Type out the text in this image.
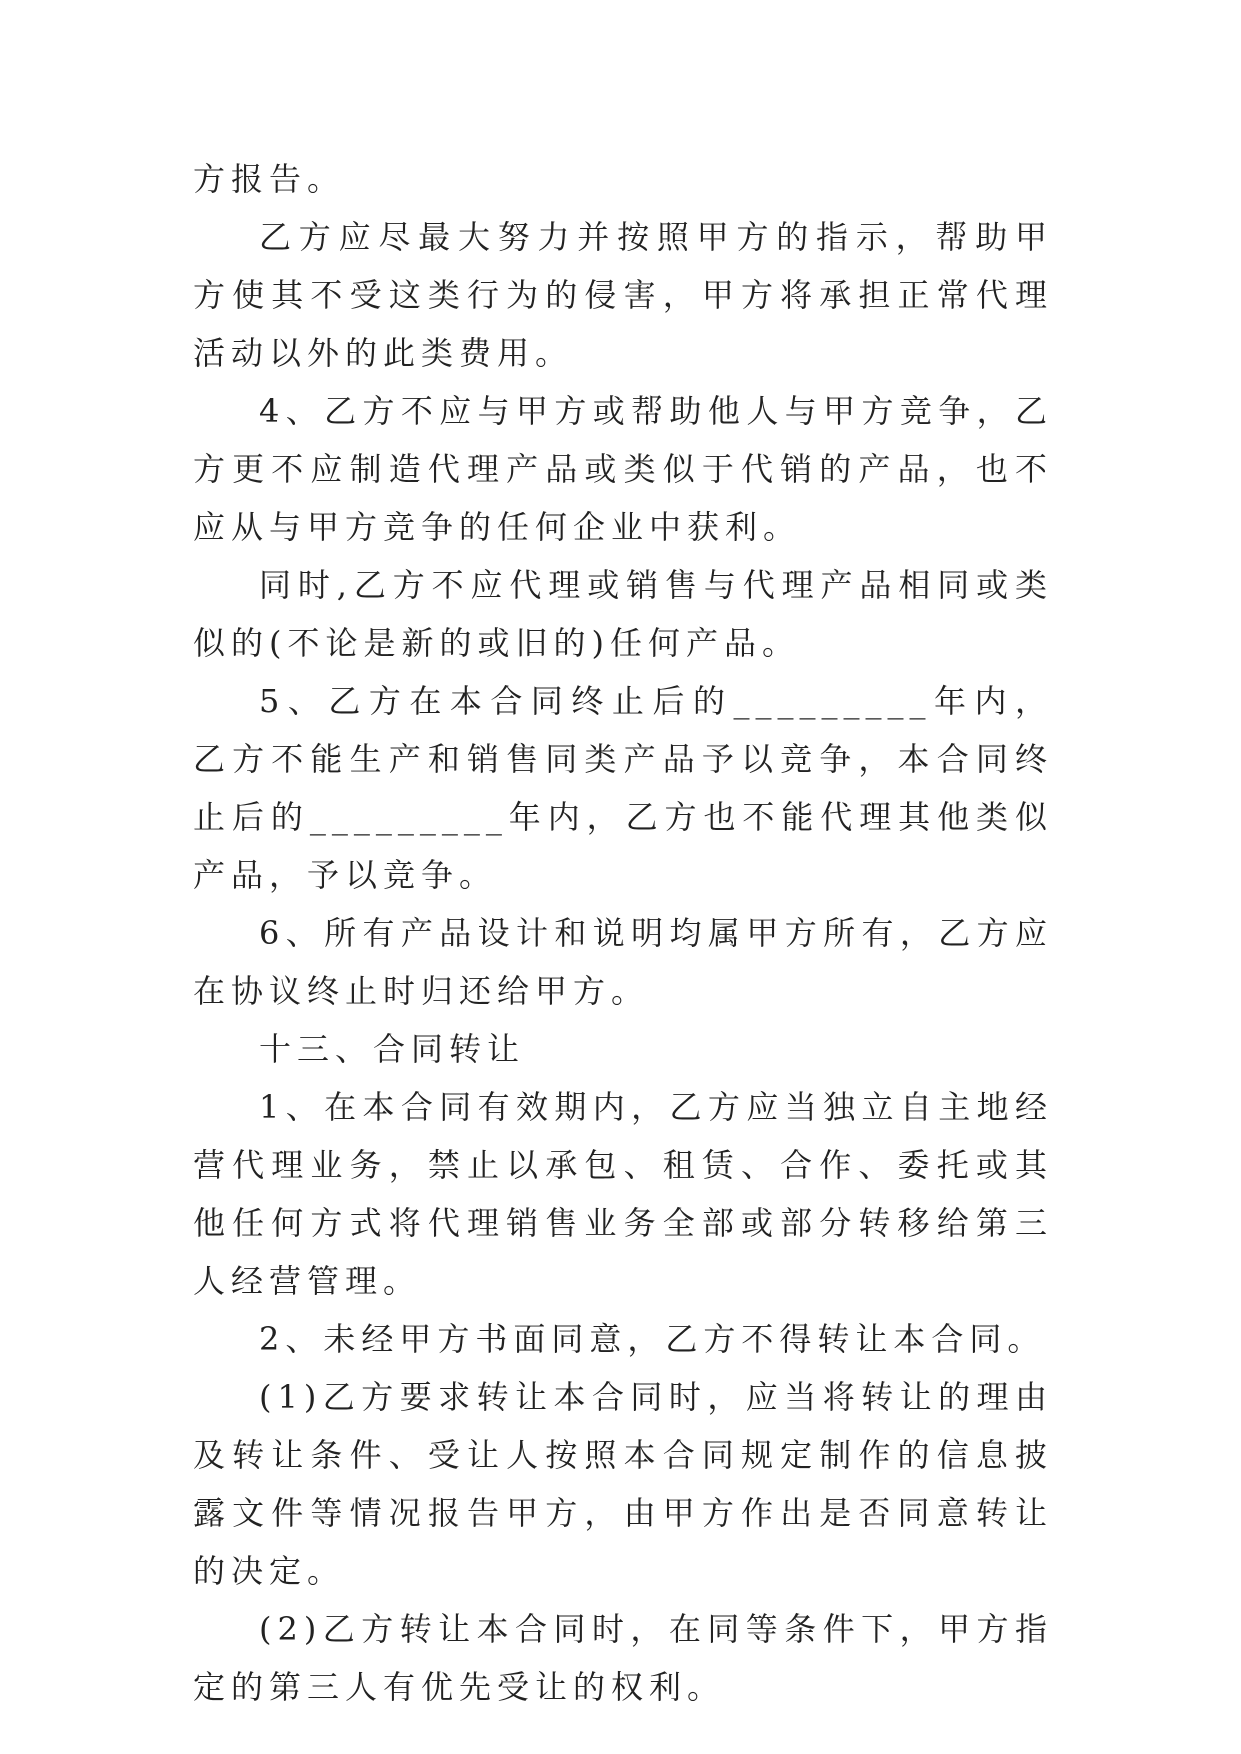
方报告。

乙方应尽最大努力并按照甲方的指示，帮助甲方使其不受这类行为的侵害，甲方将承担正常代理活动以外的此类费用。

4、乙方不应与甲方或帮助他人与甲方竞争，乙方更不应制造代理产品或类似于代销的产品，也不应从与甲方竞争的任何企业中获利。

同时,乙方不应代理或销售与代理产品相同或类似的(不论是新的或旧的)任何产品。

5、乙方在本合同终止后的_________年内，乙方不能生产和销售同类产品予以竞争，本合同终止后的_________年内，乙方也不能代理其他类似产品，予以竞争。

6、所有产品设计和说明均属甲方所有，乙方应在协议终止时归还给甲方。

十三、合同转让

1、在本合同有效期内，乙方应当独立自主地经营代理业务，禁止以承包、租赁、合作、委托或其他任何方式将代理销售业务全部或部分转移给第三人经营管理。

2、未经甲方书面同意，乙方不得转让本合同。

(1)乙方要求转让本合同时，应当将转让的理由及转让条件、受让人按照本合同规定制作的信息披露文件等情况报告甲方，由甲方作出是否同意转让的决定。

(2)乙方转让本合同时，在同等条件下，甲方指定的第三人有优先受让的权利。
